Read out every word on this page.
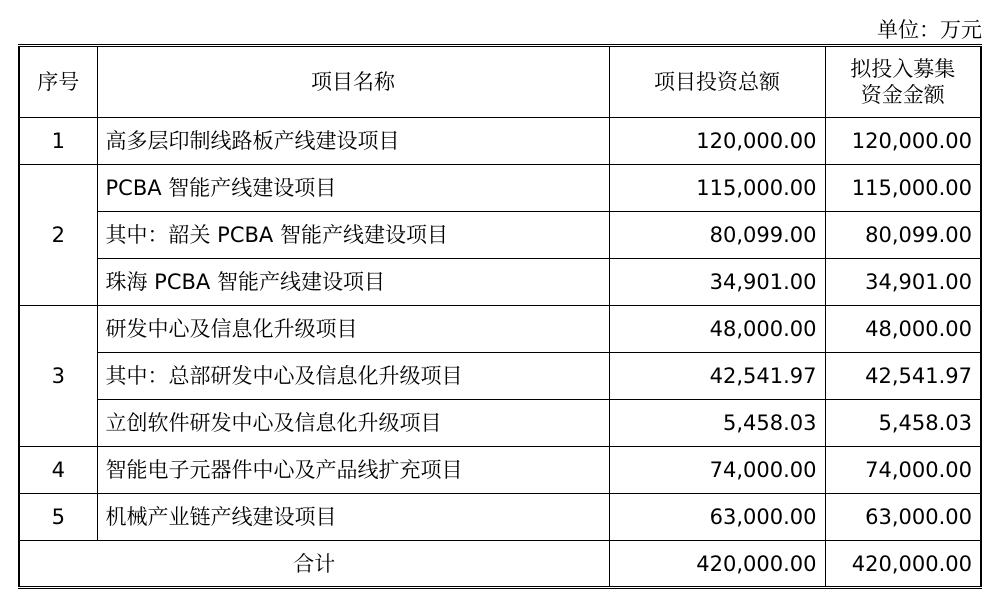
单位：万元
序号	项目名称	项目投资总额	拟投入募集
资金金额

1	高多层印制线路板产线建设项目	120,000.00	120,000.00
2	PCBA 智能产线建设项目	115,000.00	115,000.00
	其中：韶关 PCBA 智能产线建设项目	80,099.00	80,099.00
	珠海 PCBA 智能产线建设项目	34,901.00	34,901.00
3	研发中心及信息化升级项目	48,000.00	48,000.00
	其中：总部研发中心及信息化升级项目	42,541.97	42,541.97
	立创软件研发中心及信息化升级项目	5,458.03	5,458.03
4	智能电子元器件中心及产品线扩充项目	74,000.00	74,000.00
5	机械产业链产线建设项目	63,000.00	63,000.00
合计		420,000.00	420,000.00
